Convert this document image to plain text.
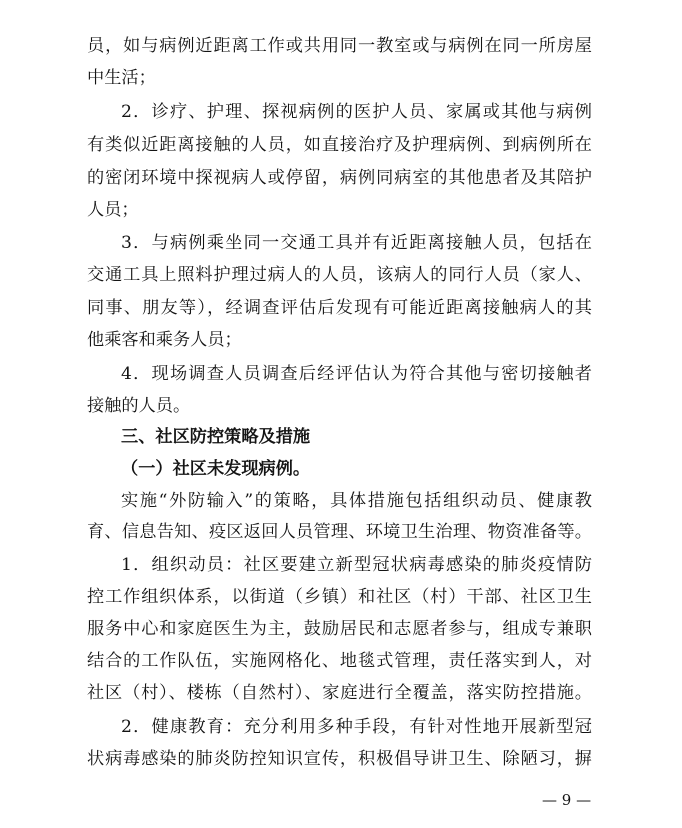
员，如与病例近距离工作或共用同一教室或与病例在同一所房屋
中生活；
2．诊疗、护理、探视病例的医护人员、家属或其他与病例
有类似近距离接触的人员，如直接治疗及护理病例、到病例所在
的密闭环境中探视病人或停留，病例同病室的其他患者及其陪护
人员；
3．与病例乘坐同一交通工具并有近距离接触人员，包括在
交通工具上照料护理过病人的人员，该病人的同行人员（家人、
同事、朋友等），经调查评估后发现有可能近距离接触病人的其
他乘客和乘务人员；
4．现场调查人员调查后经评估认为符合其他与密切接触者
接触的人员。
三、社区防控策略及措施
（一）社区未发现病例。
实施“外防输入”的策略，具体措施包括组织动员、健康教
育、信息告知、疫区返回人员管理、环境卫生治理、物资准备等。
1．组织动员：社区要建立新型冠状病毒感染的肺炎疫情防
控工作组织体系，以街道（乡镇）和社区（村）干部、社区卫生
服务中心和家庭医生为主，鼓励居民和志愿者参与，组成专兼职
结合的工作队伍，实施网格化、地毯式管理，责任落实到人，对
社区（村）、楼栋（自然村）、家庭进行全覆盖，落实防控措施。
2．健康教育：充分利用多种手段，有针对性地开展新型冠
状病毒感染的肺炎防控知识宣传，积极倡导讲卫生、除陋习，摒
— 9 —
